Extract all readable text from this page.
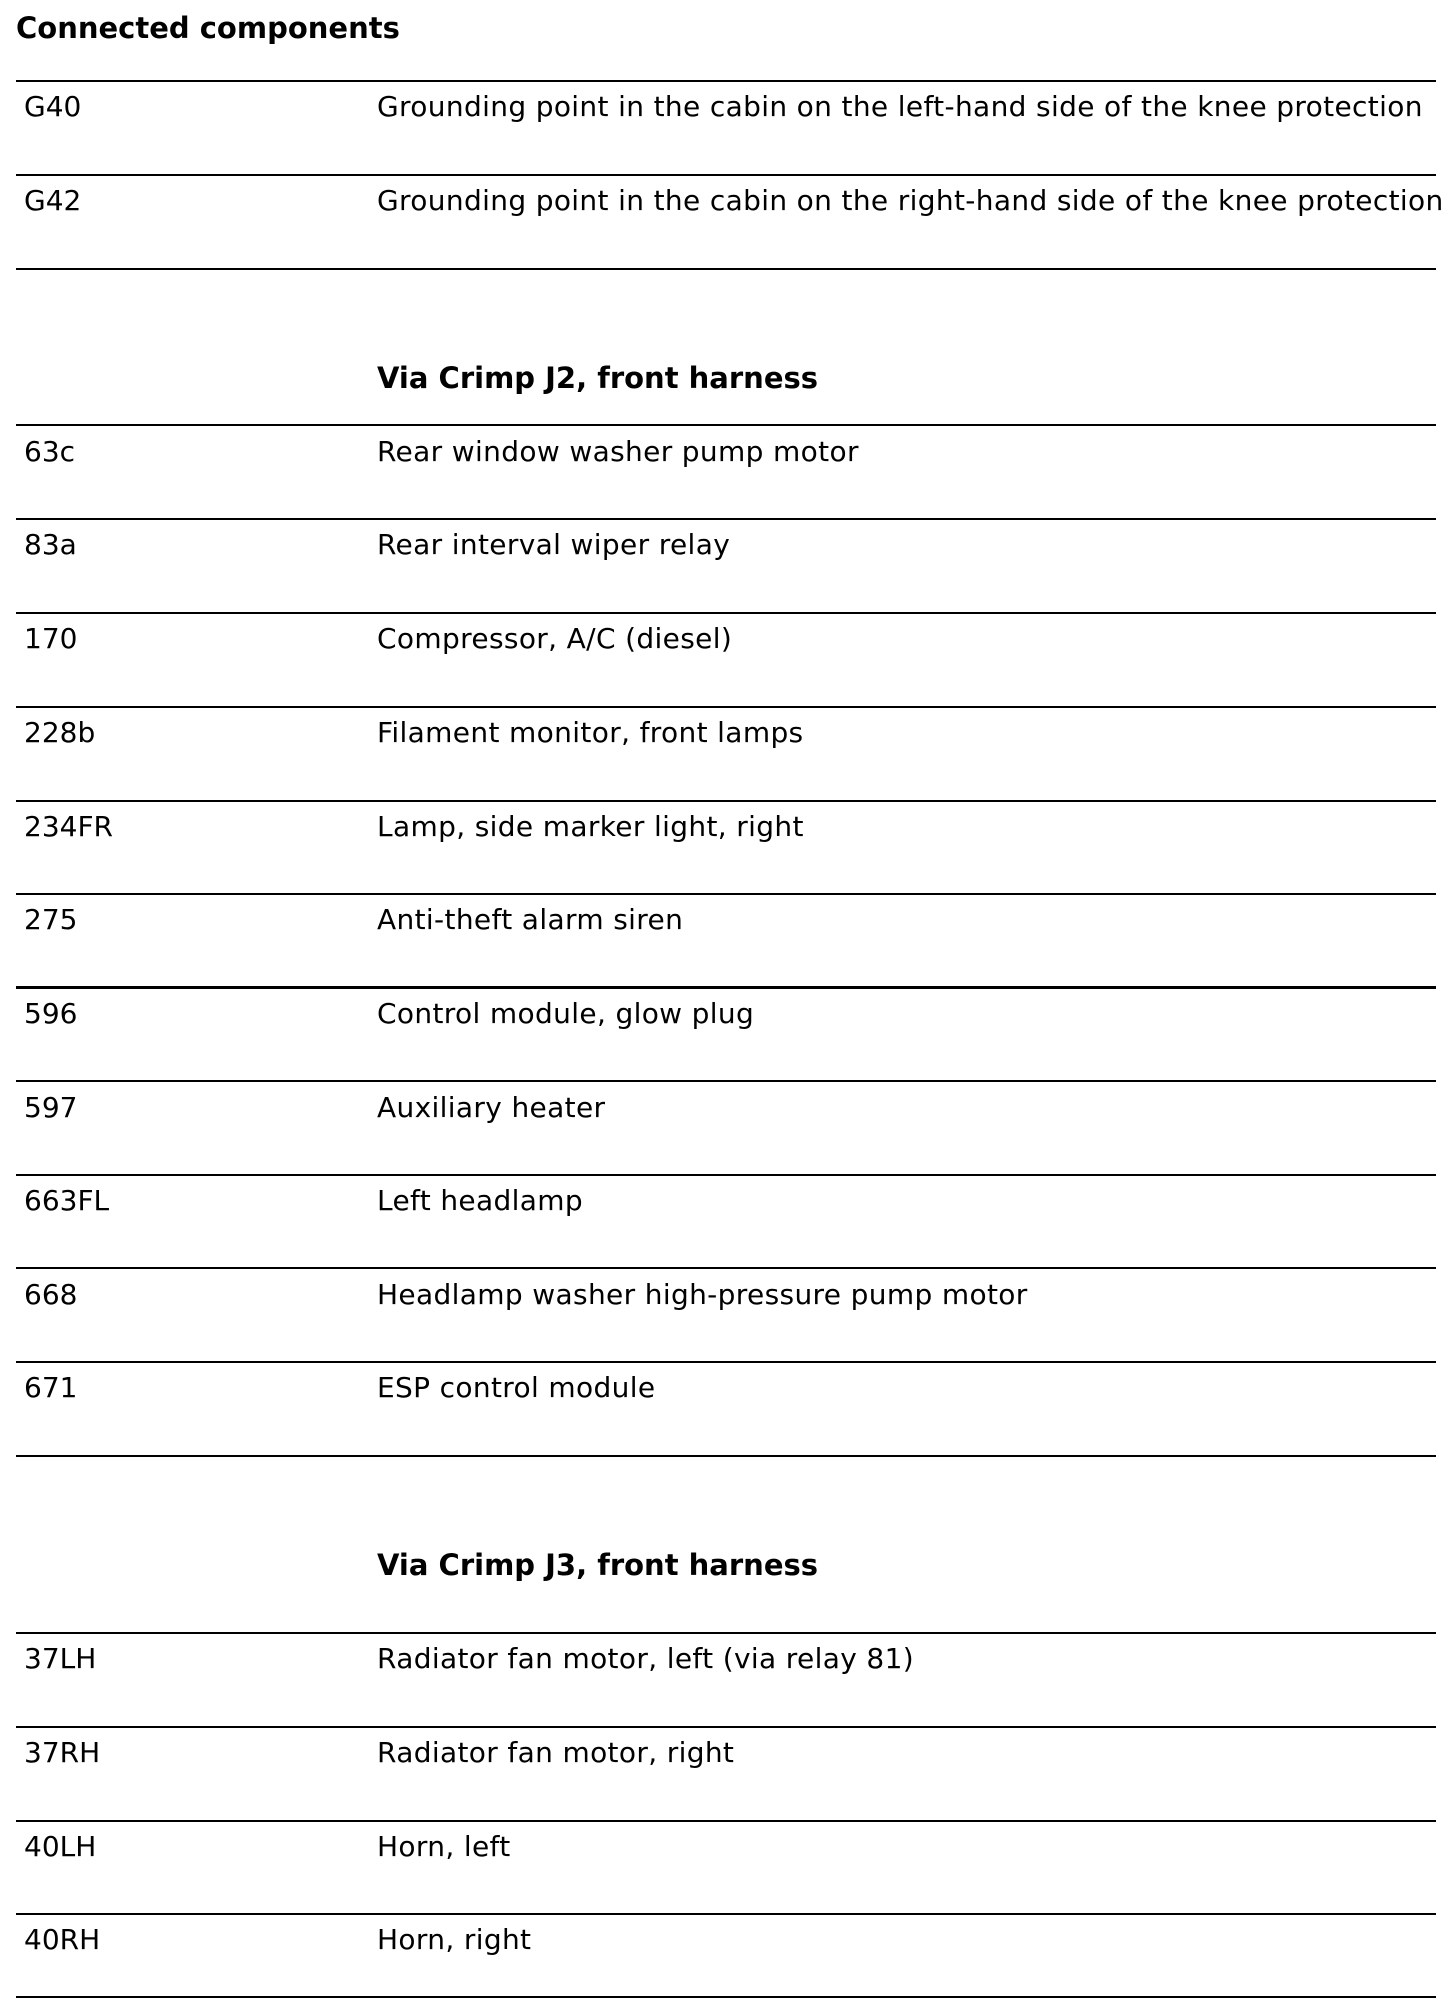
Connected components
G40	Grounding point in the cabin on the left-hand side of the knee protection
G42	Grounding point in the cabin on the right-hand side of the knee protection
Via Crimp J2, front harness
63c	Rear window washer pump motor
83a	Rear interval wiper relay
170	Compressor, A/C (diesel)
228b	Filament monitor, front lamps
234FR	Lamp, side marker light, right
275	Anti-theft alarm siren
596	Control module, glow plug
597	Auxiliary heater
663FL	Left headlamp
668	Headlamp washer high-pressure pump motor
671	ESP control module
Via Crimp J3, front harness
37LH	Radiator fan motor, left (via relay 81)
37RH	Radiator fan motor, right
40LH	Horn, left
40RH	Horn, right
